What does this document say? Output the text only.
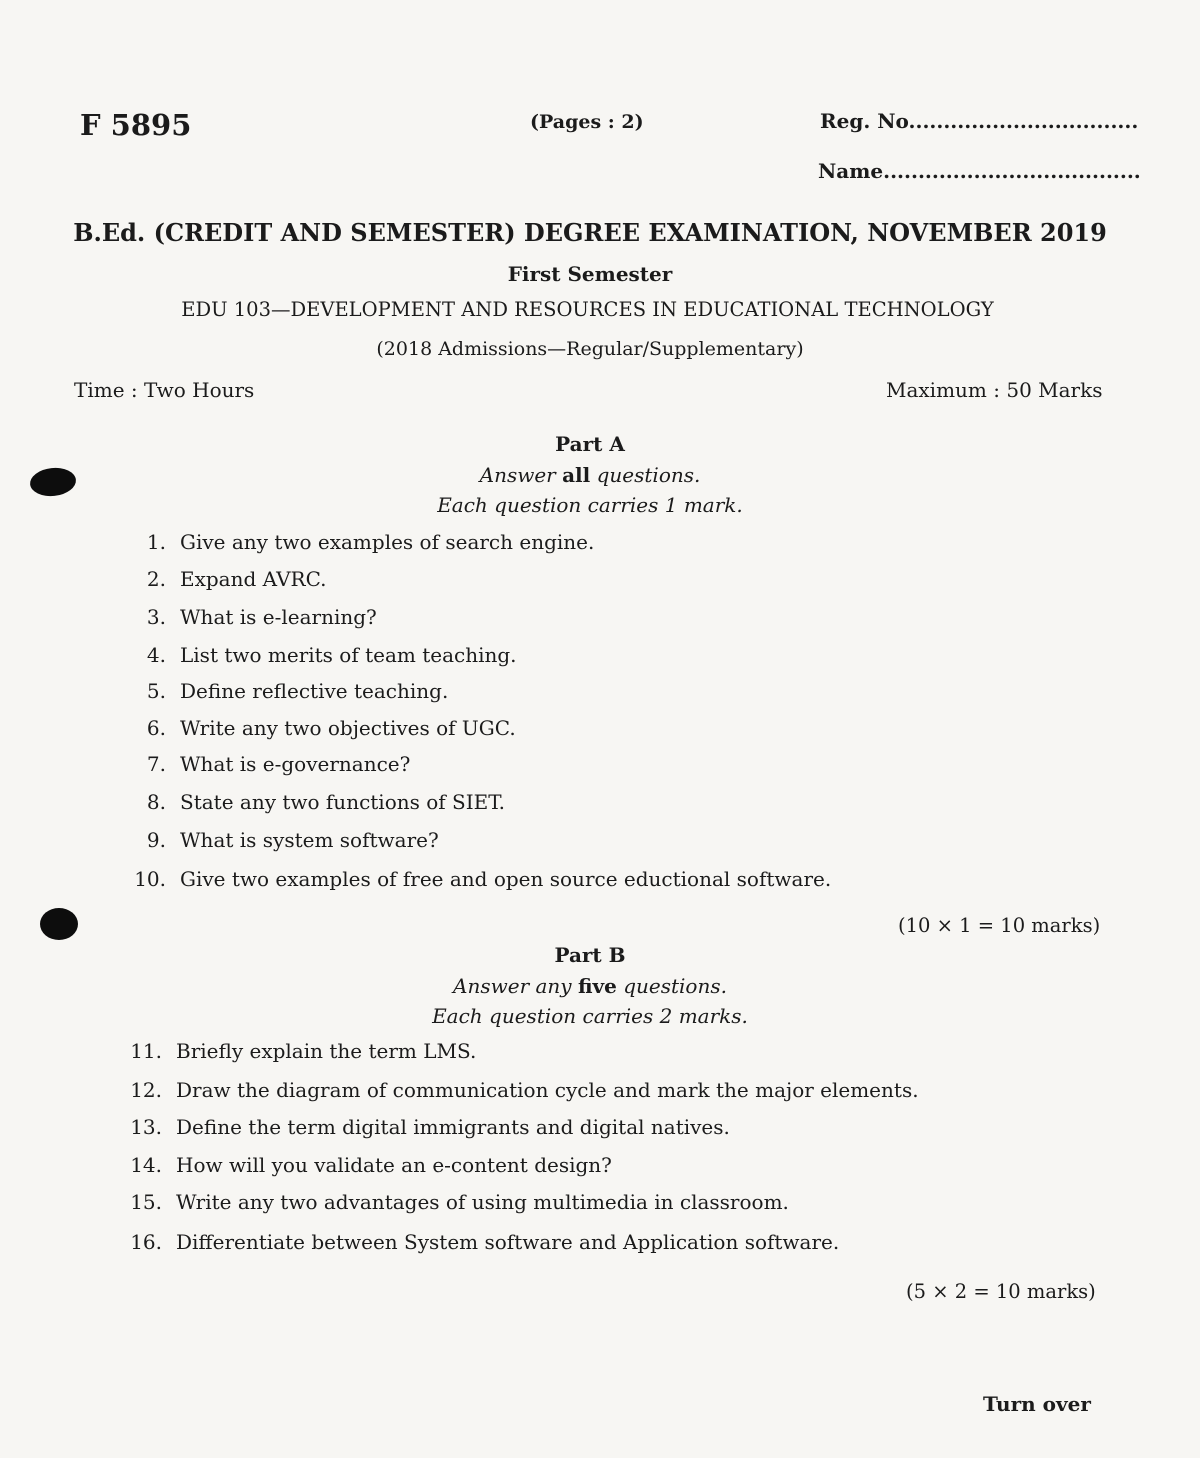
F 5895	(Pages : 2)	Reg. No.................................
Name.....................................
B.Ed. (CREDIT AND SEMESTER) DEGREE EXAMINATION, NOVEMBER 2019
First Semester
EDU 103—DEVELOPMENT AND RESOURCES IN EDUCATIONAL TECHNOLOGY
(2018 Admissions—Regular/Supplementary)
Time : Two Hours	Maximum : 50 Marks
Part A
Answer all questions.
Each question carries 1 mark.
1. Give any two examples of search engine.
2. Expand AVRC.
3. What is e-learning?
4. List two merits of team teaching.
5. Define reflective teaching.
6. Write any two objectives of UGC.
7. What is e-governance?
8. State any two functions of SIET.
9. What is system software?
10. Give two examples of free and open source eductional software.
(10 × 1 = 10 marks)
Part B
Answer any five questions.
Each question carries 2 marks.
11. Briefly explain the term LMS.
12. Draw the diagram of communication cycle and mark the major elements.
13. Define the term digital immigrants and digital natives.
14. How will you validate an e-content design?
15. Write any two advantages of using multimedia in classroom.
16. Differentiate between System software and Application software.
(5 × 2 = 10 marks)
Turn over
